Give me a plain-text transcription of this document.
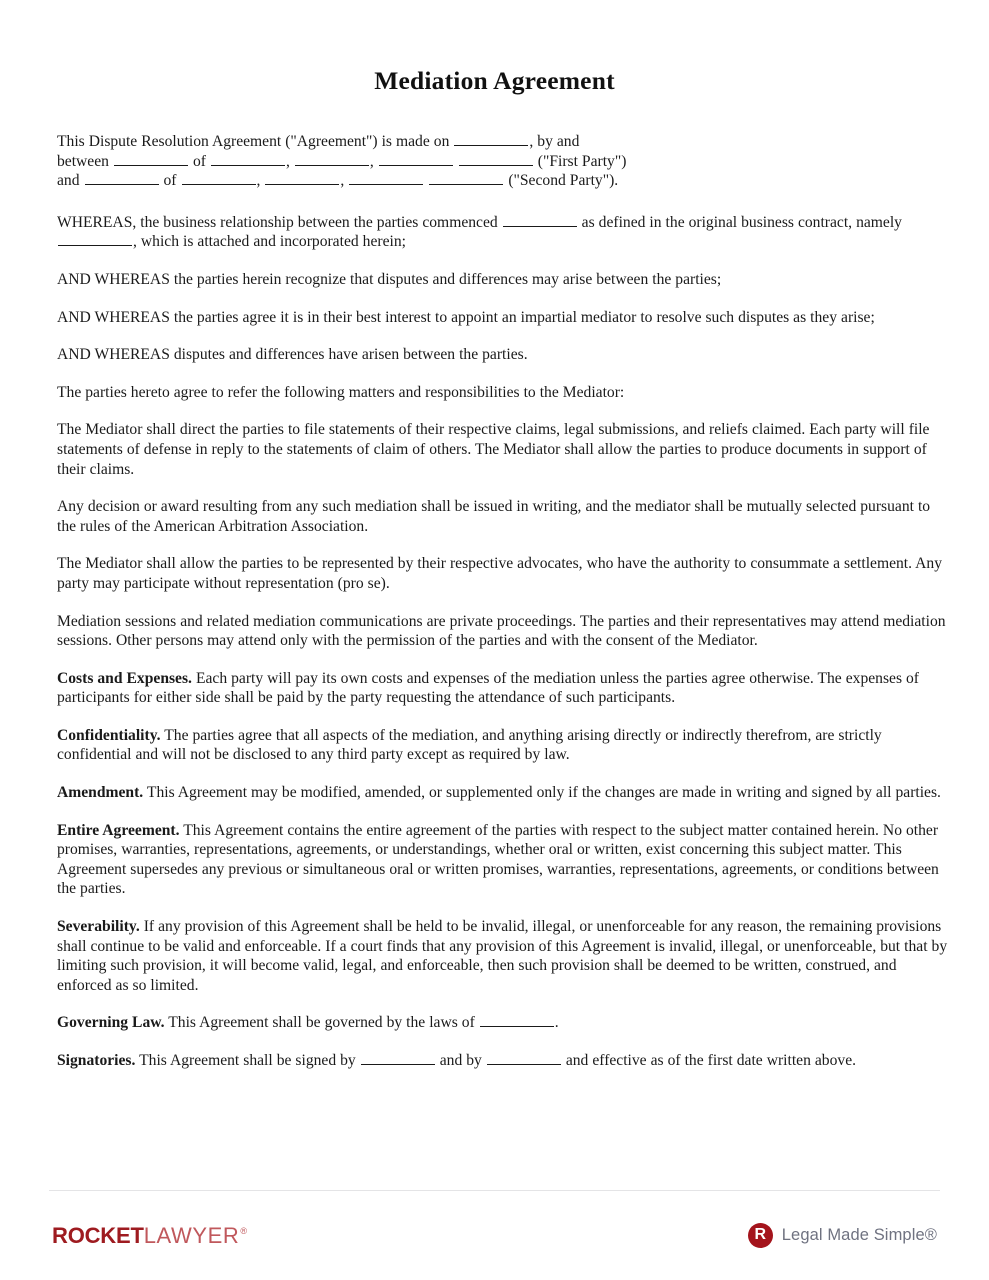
Mediation Agreement

This Dispute Resolution Agreement ("Agreement") is made on	, by and
between	of	,	,	("First Party")
and	of	,	,	("Second Party").

WHEREAS, the business relationship between the parties commenced	as defined in the original business contract, namely , which is attached and incorporated herein;

AND WHEREAS the parties herein recognize that disputes and differences may arise between the parties;

AND WHEREAS the parties agree it is in their best interest to appoint an impartial mediator to resolve such disputes as they arise;

AND WHEREAS disputes and differences have arisen between the parties.

The parties hereto agree to refer the following matters and responsibilities to the Mediator:

The Mediator shall direct the parties to file statements of their respective claims, legal submissions, and reliefs claimed. Each party will file statements of defense in reply to the statements of claim of others. The Mediator shall allow the parties to produce documents in support of their claims.

Any decision or award resulting from any such mediation shall be issued in writing, and the mediator shall be mutually selected pursuant to the rules of the American Arbitration Association.

The Mediator shall allow the parties to be represented by their respective advocates, who have the authority to consummate a settlement. Any party may participate without representation (pro se).

Mediation sessions and related mediation communications are private proceedings. The parties and their representatives may attend mediation sessions. Other persons may attend only with the permission of the parties and with the consent of the Mediator.

Costs and Expenses. Each party will pay its own costs and expenses of the mediation unless the parties agree otherwise. The expenses of participants for either side shall be paid by the party requesting the attendance of such participants.

Confidentiality. The parties agree that all aspects of the mediation, and anything arising directly or indirectly therefrom, are strictly confidential and will not be disclosed to any third party except as required by law.

Amendment. This Agreement may be modified, amended, or supplemented only if the changes are made in writing and signed by all parties.

Entire Agreement. This Agreement contains the entire agreement of the parties with respect to the subject matter contained herein. No other promises, warranties, representations, agreements, or understandings, whether oral or written, exist concerning this subject matter. This Agreement supersedes any previous or simultaneous oral or written promises, warranties, representations, agreements, or conditions between the parties.

Severability. If any provision of this Agreement shall be held to be invalid, illegal, or unenforceable for any reason, the remaining provisions shall continue to be valid and enforceable. If a court finds that any provision of this Agreement is invalid, illegal, or unenforceable, but that by limiting such provision, it will become valid, legal, and enforceable, then such provision shall be deemed to be written, construed, and enforced as so limited.

Governing Law. This Agreement shall be governed by the laws of	.

Signatories. This Agreement shall be signed by	and by	and effective as of the first date written above.

ROCKET LAWYER ®	R Legal Made Simple®
